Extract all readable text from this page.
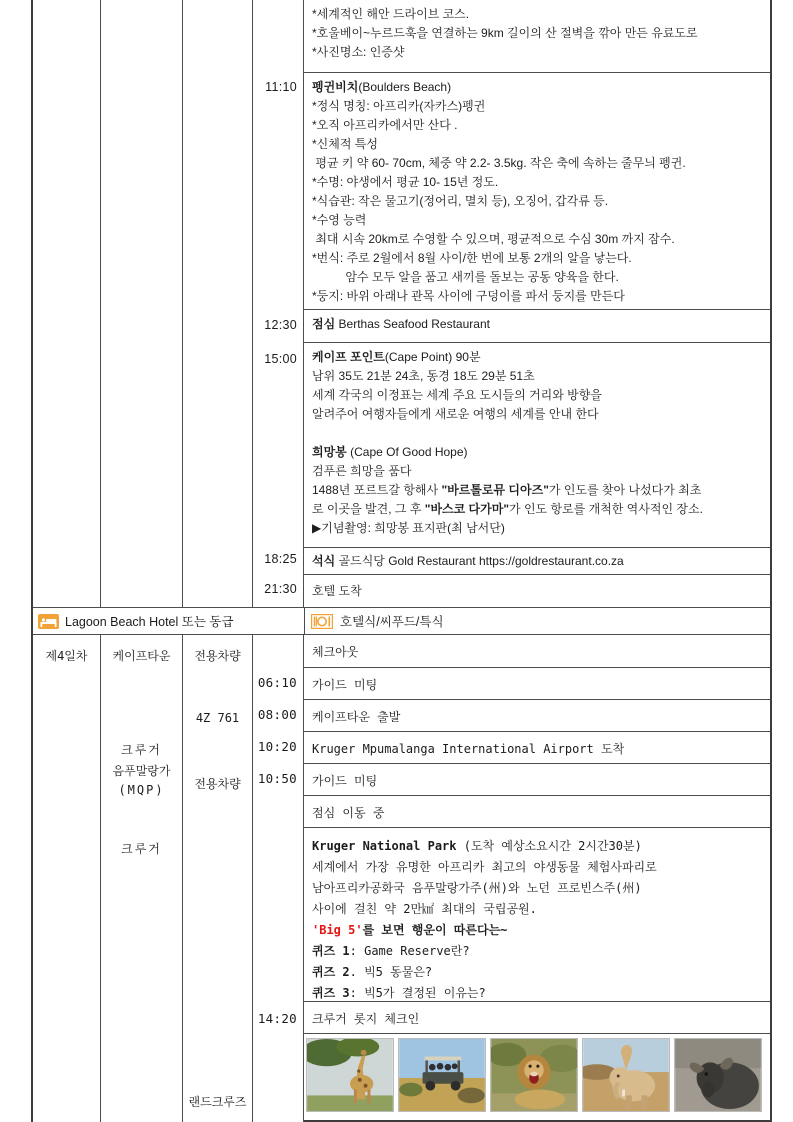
11:10
12:30
15:00
18:25
21:30
*세계적인 해안 드라이브 코스.
*호울베이~누르드훅을 연결하는 9km 길이의 산 절벽을 깎아 만든 유료도로
*사진명소: 인증샷
펭귄비치(Boulders Beach)
*정식 명칭: 아프리카(자카스)펭귄
*오직 아프리카에서만 산다 .
*신체적 특성
평균 키 약 60- 70cm, 체중 약 2.2- 3.5kg. 작은 축에 속하는 줄무늬 펭귄.
*수명: 야생에서 평균 10- 15년 정도.
*식습관: 작은 물고기(정어리, 멸치 등), 오징어, 갑각류 등.
*수영 능력
최대 시속 20km로 수영할 수 있으며, 평균적으로 수심 30m 까지 잠수.
*번식: 주로 2월에서 8월 사이/한 번에 보통 2개의 알을 낳는다.
암수 모두 알을 품고 새끼를 돌보는 공동 양육을 한다.
*둥지: 바위 아래나 관목 사이에 구덩이를 파서 둥지를 만든다
점심 Berthas Seafood Restaurant
케이프 포인트(Cape Point) 90분
남위 35도 21분 24초, 동경 18도 29분 51초
세계 각국의 이정표는 세계 주요 도시들의 거리와 방향을
알려주어 여행자들에게 새로운 여행의 세계를 안내 한다
희망봉 (Cape Of Good Hope)
검푸른 희망을 품다
1488년 포르트갈 항해사 "바르톨로뮤 디아즈"가 인도를 찾아 나섰다가 최초
로 이곳을 발견, 그 후 "바스코 다가마"가 인도 항로를 개척한 역사적인 장소.
▶기념촬영: 희망봉 표지판(최 남서단)
석식 골드식당 Gold Restaurant https://goldrestaurant.co.za
호텔 도착
Lagoon Beach Hotel 또는 동급	호텔식/씨푸드/특식
제4일차	케이프타운
크루거
음푸말랑가
(MQP)
크루거
전용차량
4Z 761
전용차량
랜드크루즈
06:10
08:00
10:20
10:50
14:20
체크아웃
가이드 미팅
케이프타운 출발
Kruger Mpumalanga International Airport 도착
가이드 미팅
점심 이동 중
Kruger National Park (도착 예상소요시간 2시간30분)
세계에서 가장 유명한 아프리카 최고의 야생동물 체험사파리로
남아프리카공화국 음푸말랑가주(州)와 노던 프로빈스주(州)
사이에 걸친 약 2만㎢ 최대의 국립공원.
'Big 5'를 보면 행운이 따른다는~
퀴즈 1: Game Reserve란?
퀴즈 2. 빅5 동물은?
퀴즈 3: 빅5가 결정된 이유는?
크루거 롯지 체크인
